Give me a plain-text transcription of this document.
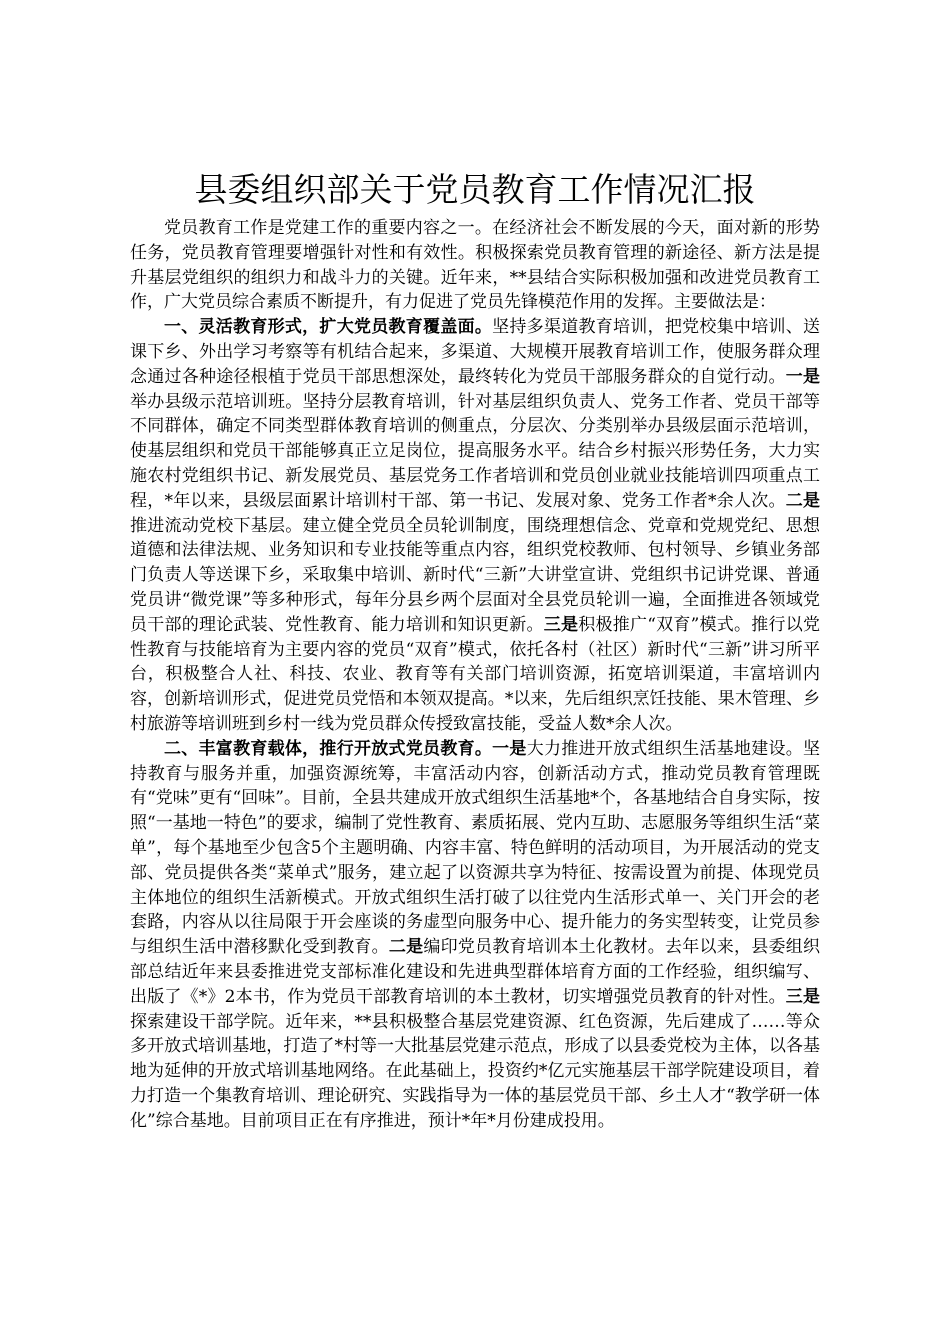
县委组织部关于党员教育工作情况汇报

党员教育工作是党建工作的重要内容之一。在经济社会不断发展的今天，面对新的形势任务，党员教育管理要增强针对性和有效性。积极探索党员教育管理的新途径、新方法是提升基层党组织的组织力和战斗力的关键。近年来，**县结合实际积极加强和改进党员教育工作，广大党员综合素质不断提升，有力促进了党员先锋模范作用的发挥。主要做法是：

一、灵活教育形式，扩大党员教育覆盖面。坚持多渠道教育培训，把党校集中培训、送课下乡、外出学习考察等有机结合起来，多渠道、大规模开展教育培训工作，使服务群众理念通过各种途径根植于党员干部思想深处，最终转化为党员干部服务群众的自觉行动。一是举办县级示范培训班。坚持分层教育培训，针对基层组织负责人、党务工作者、党员干部等不同群体，确定不同类型群体教育培训的侧重点，分层次、分类别举办县级层面示范培训，使基层组织和党员干部能够真正立足岗位，提高服务水平。结合乡村振兴形势任务，大力实施农村党组织书记、新发展党员、基层党务工作者培训和党员创业就业技能培训四项重点工程，*年以来，县级层面累计培训村干部、第一书记、发展对象、党务工作者*余人次。二是推进流动党校下基层。建立健全党员全员轮训制度，围绕理想信念、党章和党规党纪、思想道德和法律法规、业务知识和专业技能等重点内容，组织党校教师、包村领导、乡镇业务部门负责人等送课下乡，采取集中培训、新时代“三新”大讲堂宣讲、党组织书记讲党课、普通党员讲“微党课”等多种形式，每年分县乡两个层面对全县党员轮训一遍，全面推进各领域党员干部的理论武装、党性教育、能力培训和知识更新。三是积极推广“双育”模式。推行以党性教育与技能培育为主要内容的党员“双育”模式，依托各村（社区）新时代“三新”讲习所平台，积极整合人社、科技、农业、教育等有关部门培训资源，拓宽培训渠道，丰富培训内容，创新培训形式，促进党员党悟和本领双提高。*以来，先后组织烹饪技能、果木管理、乡村旅游等培训班到乡村一线为党员群众传授致富技能，受益人数*余人次。

二、丰富教育载体，推行开放式党员教育。一是大力推进开放式组织生活基地建设。坚持教育与服务并重，加强资源统筹，丰富活动内容，创新活动方式，推动党员教育管理既有“党味”更有“回味”。目前，全县共建成开放式组织生活基地*个，各基地结合自身实际，按照“一基地一特色”的要求，编制了党性教育、素质拓展、党内互助、志愿服务等组织生活“菜单”，每个基地至少包含5个主题明确、内容丰富、特色鲜明的活动项目，为开展活动的党支部、党员提供各类“菜单式”服务，建立起了以资源共享为特征、按需设置为前提、体现党员主体地位的组织生活新模式。开放式组织生活打破了以往党内生活形式单一、关门开会的老套路，内容从以往局限于开会座谈的务虚型向服务中心、提升能力的务实型转变，让党员参与组织生活中潜移默化受到教育。二是编印党员教育培训本土化教材。去年以来，县委组织部总结近年来县委推进党支部标准化建设和先进典型群体培育方面的工作经验，组织编写、出版了《*》2本书，作为党员干部教育培训的本土教材，切实增强党员教育的针对性。三是探索建设干部学院。近年来，**县积极整合基层党建资源、红色资源，先后建成了……等众多开放式培训基地，打造了*村等一大批基层党建示范点，形成了以县委党校为主体，以各基地为延伸的开放式培训基地网络。在此基础上，投资约*亿元实施基层干部学院建设项目，着力打造一个集教育培训、理论研究、实践指导为一体的基层党员干部、乡土人才“教学研一体化”综合基地。目前项目正在有序推进，预计*年*月份建成投用。
